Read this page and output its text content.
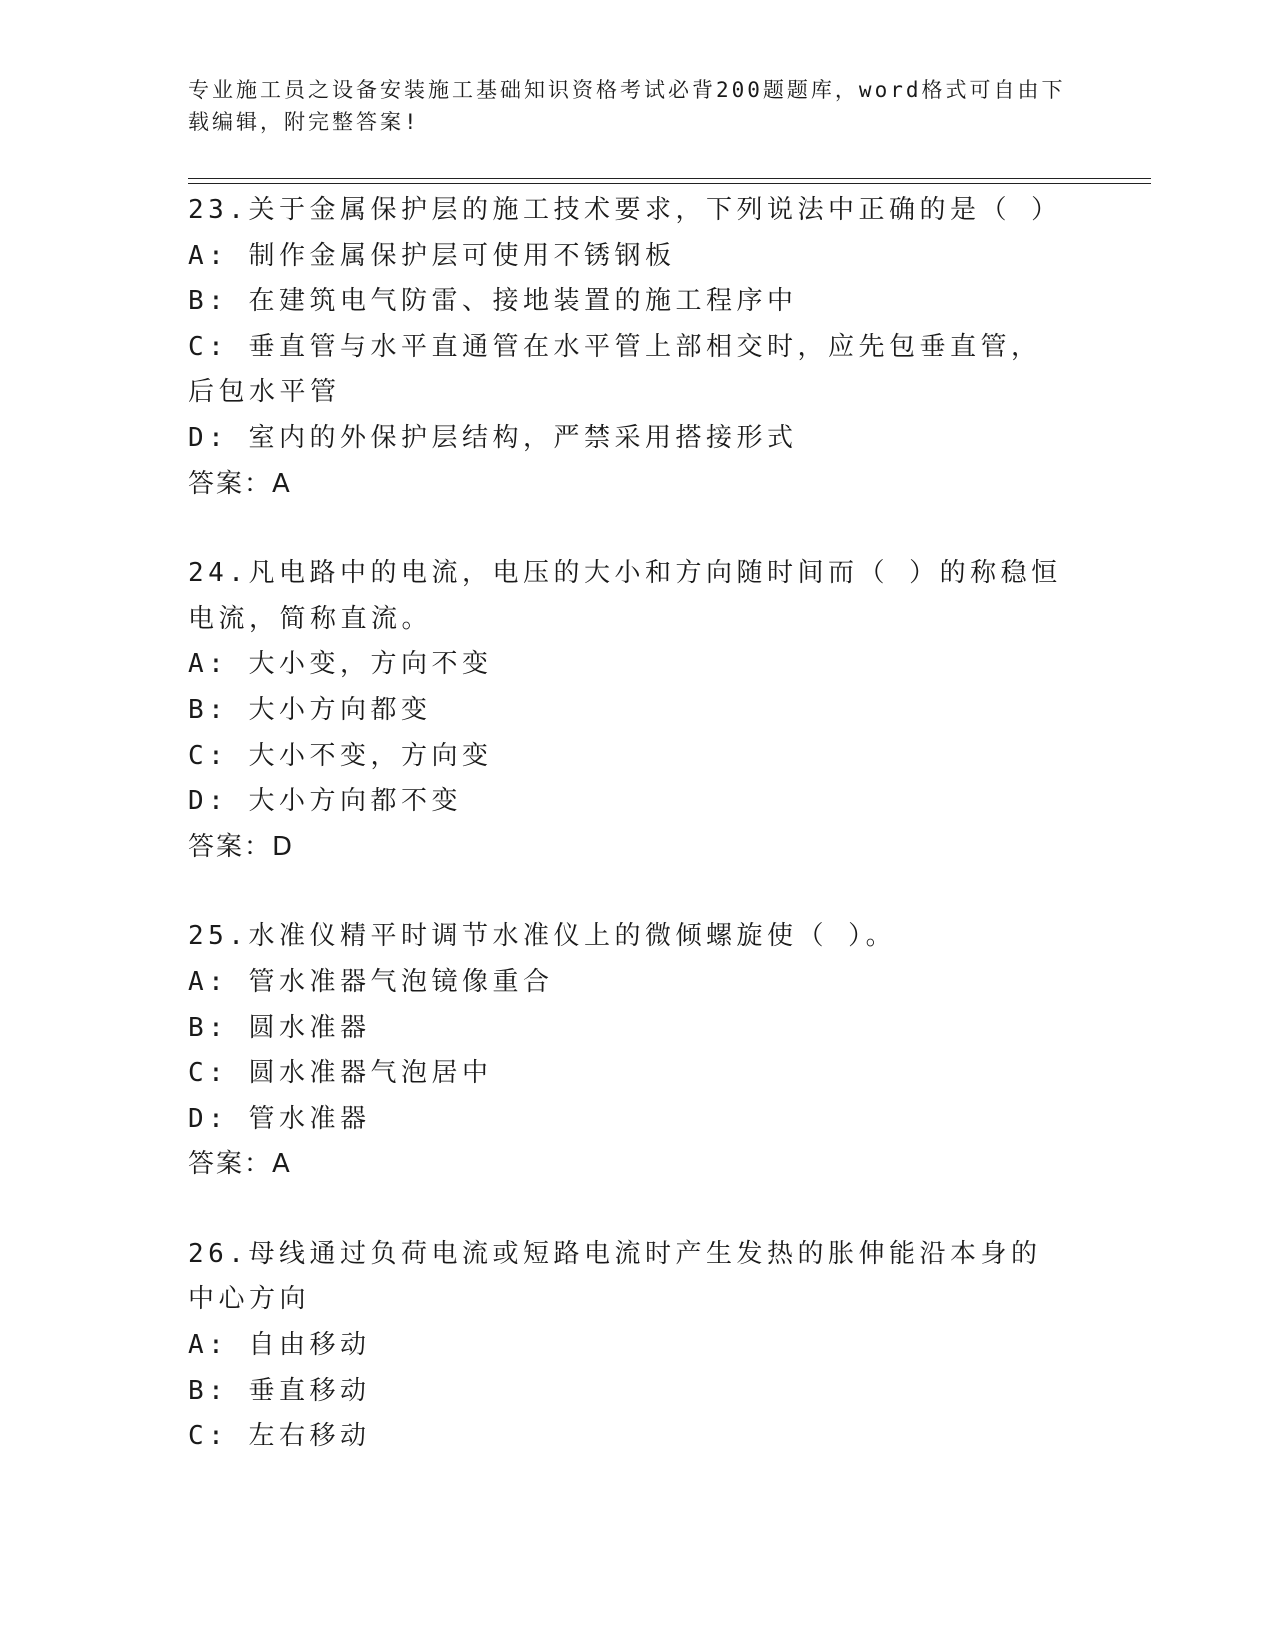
专业施工员之设备安装施工基础知识资格考试必背200题题库，word格式可自由下载编辑，附完整答案!
23.关于金属保护层的施工技术要求，下列说法中正确的是（ ）
A: 制作金属保护层可使用不锈钢板
B: 在建筑电气防雷、接地装置的施工程序中
C: 垂直管与水平直通管在水平管上部相交时，应先包垂直管，后包水平管
D: 室内的外保护层结构，严禁采用搭接形式
答案：A
24.凡电路中的电流，电压的大小和方向随时间而（ ）的称稳恒电流，简称直流。
A: 大小变，方向不变
B: 大小方向都变
C: 大小不变，方向变
D: 大小方向都不变
答案：D
25.水准仪精平时调节水准仪上的微倾螺旋使（ ）。
A: 管水准器气泡镜像重合
B: 圆水准器
C: 圆水准器气泡居中
D: 管水准器
答案：A
26.母线通过负荷电流或短路电流时产生发热的胀伸能沿本身的中心方向
A: 自由移动
B: 垂直移动
C: 左右移动
